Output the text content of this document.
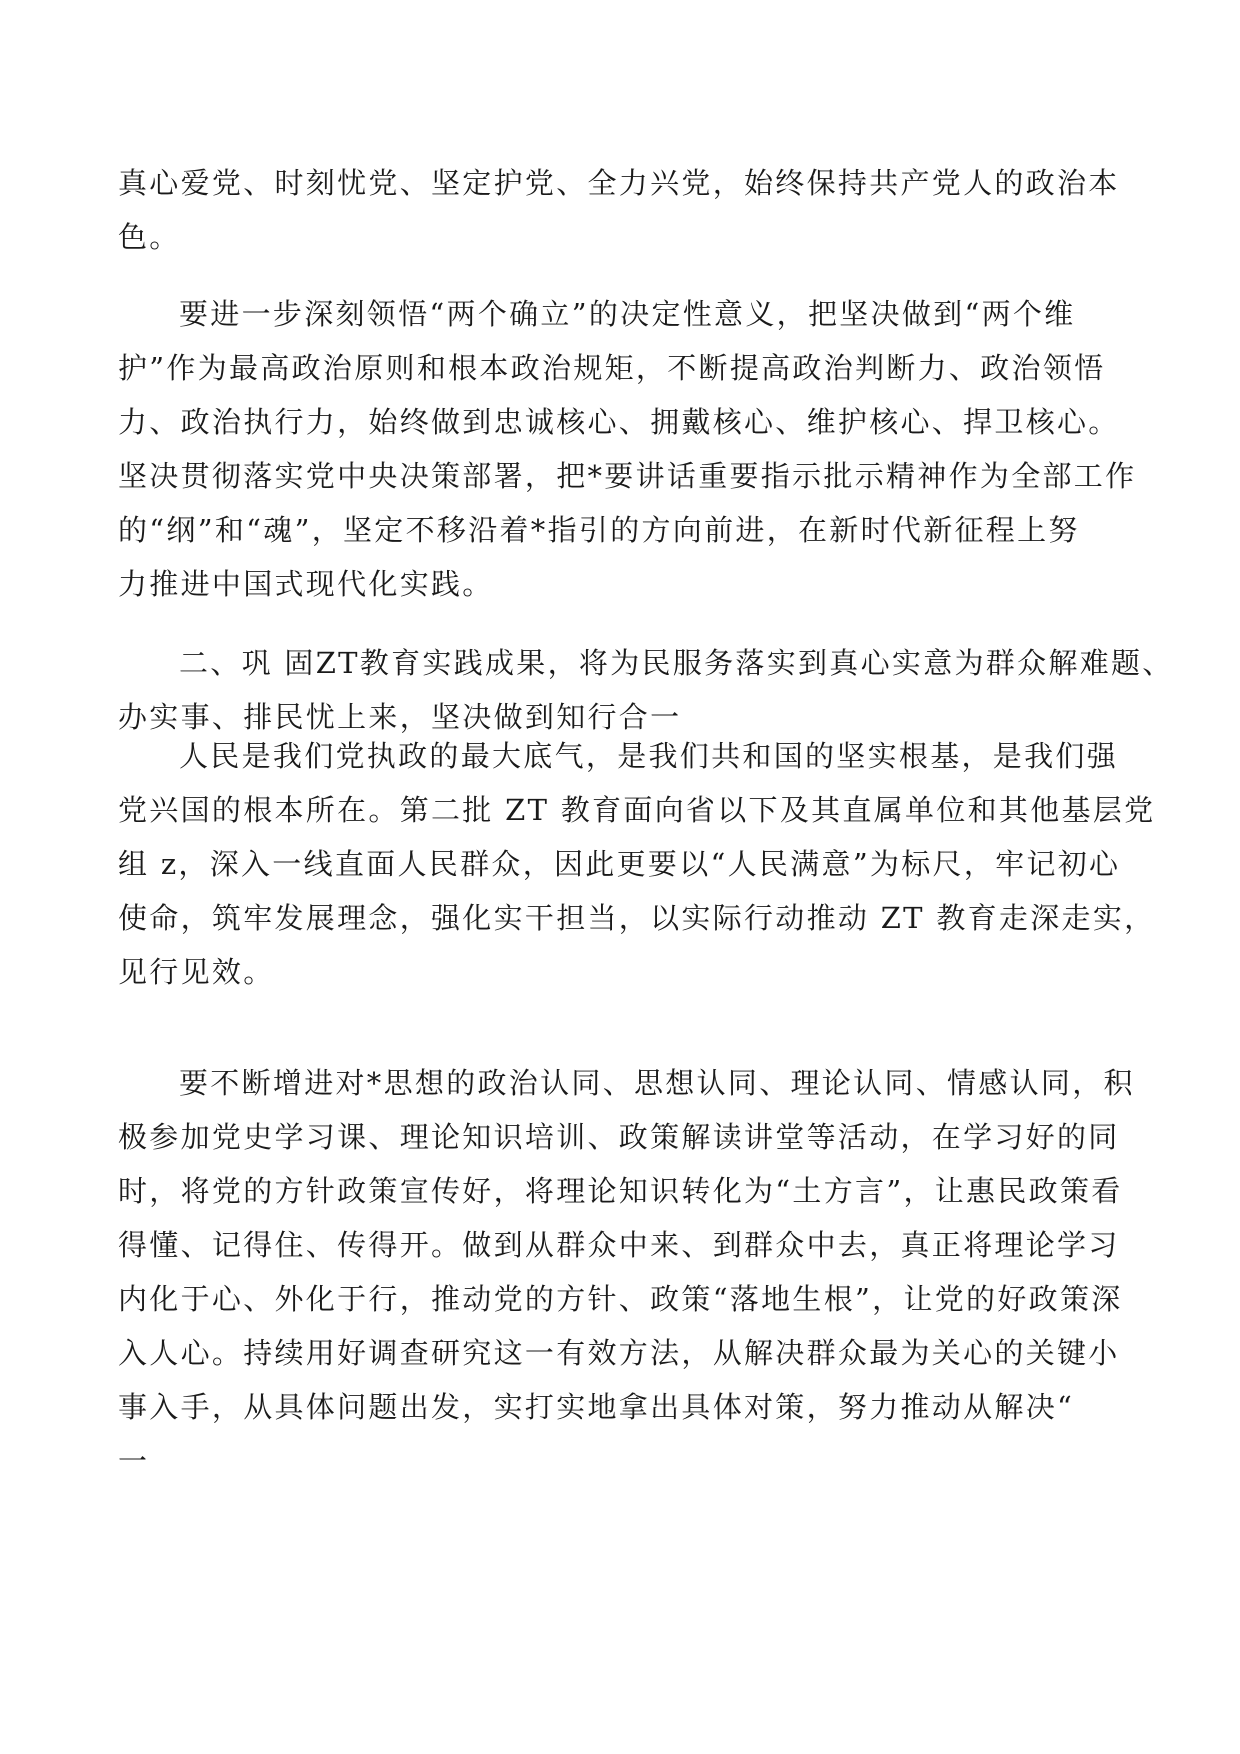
真心爱党、时刻忧党、坚定护党、全力兴党，始终保持共产党人的政治本
色。
要进一步深刻领悟“两个确立”的决定性意义，把坚决做到“两个维
护”作为最高政治原则和根本政治规矩，不断提高政治判断力、政治领悟
力、政治执行力，始终做到忠诚核心、拥戴核心、维护核心、捍卫核心。
坚决贯彻落实党中央决策部署，把*要讲话重要指示批示精神作为全部工作
的“纲”和“魂”，坚定不移沿着*指引的方向前进，在新时代新征程上努
力推进中国式现代化实践。
二、巩 固ZT教育实践成果，将为民服务落实到真心实意为群众解难题、
办实事、排民忧上来，坚决做到知行合一
人民是我们党执政的最大底气，是我们共和国的坚实根基，是我们强
党兴国的根本所在。第二批 ZT 教育面向省以下及其直属单位和其他基层党
组 z，深入一线直面人民群众，因此更要以“人民满意”为标尺，牢记初心
使命，筑牢发展理念，强化实干担当，以实际行动推动 ZT 教育走深走实，
见行见效。
要不断增进对*思想的政治认同、思想认同、理论认同、情感认同，积
极参加党史学习课、理论知识培训、政策解读讲堂等活动，在学习好的同
时，将党的方针政策宣传好，将理论知识转化为“土方言”，让惠民政策看
得懂、记得住、传得开。做到从群众中来、到群众中去，真正将理论学习
内化于心、外化于行，推动党的方针、政策“落地生根”，让党的好政策深
入人心。持续用好调查研究这一有效方法，从解决群众最为关心的关键小
事入手，从具体问题出发，实打实地拿出具体对策，努力推动从解决“
一
